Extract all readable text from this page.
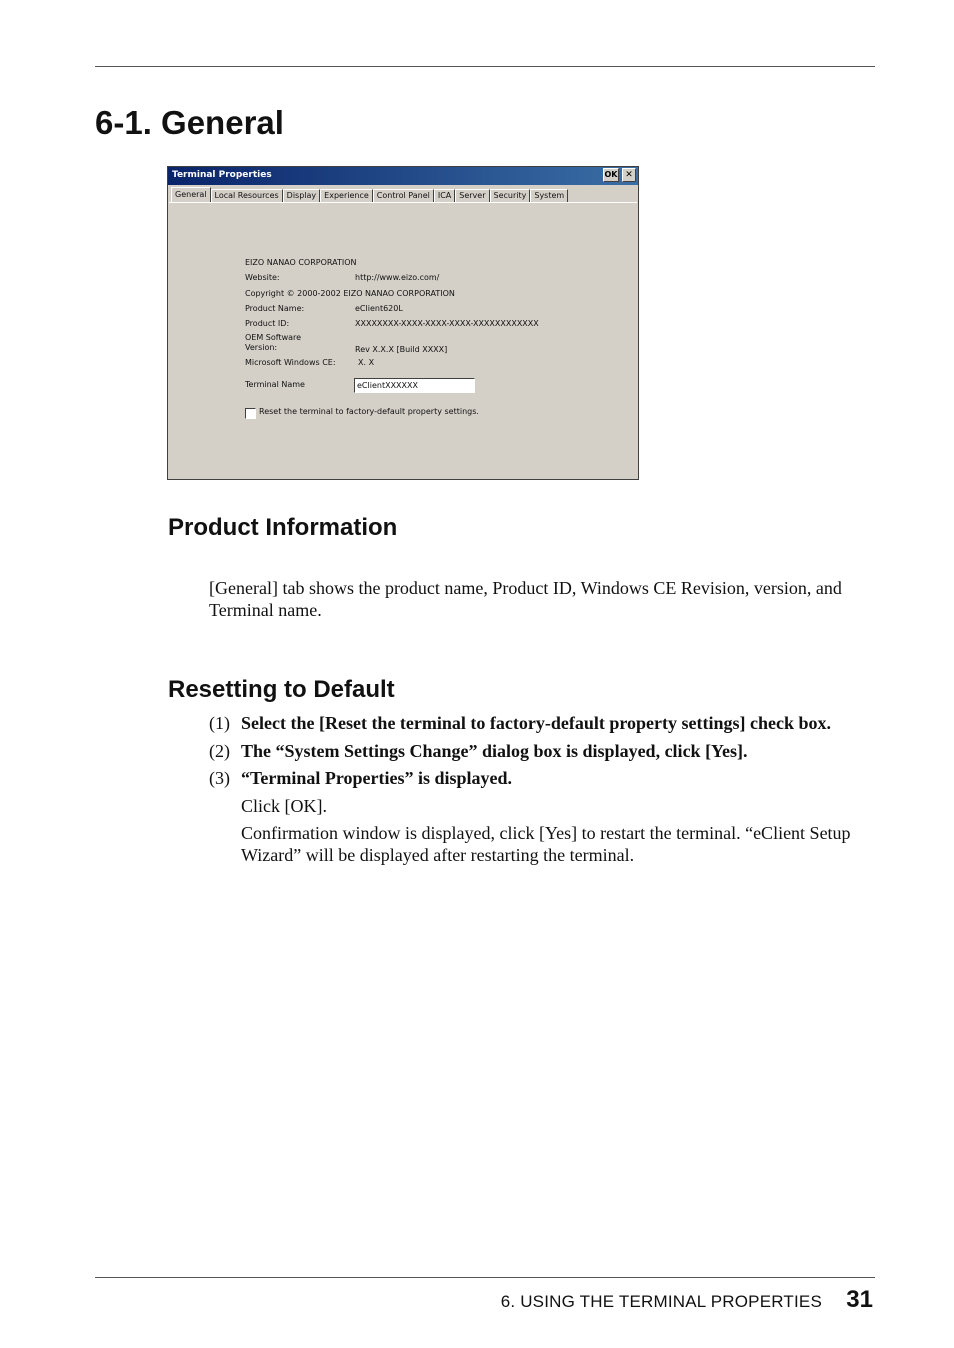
6-1. General
Terminal Properties	OK ✕
General	Local Resources	Display	Experience	Control Panel	ICA	Server	Security	System
EIZO NANAO CORPORATION
Website:	http://www.eizo.com/
Copyright © 2000-2002 EIZO NANAO CORPORATION
Product Name:	eClient620L
Product ID:	XXXXXXXX-XXXX-XXXX-XXXX-XXXXXXXXXXXX
OEM Software
Version:	Rev X.X.X [Build XXXX]
Microsoft Windows CE:	X. X
Terminal Name	eClientXXXXXX
Reset the terminal to factory-default property settings.
Product Information

[General] tab shows the product name, Product ID, Windows CE Revision, version, and Terminal name.

Resetting to Default
(1) Select the [Reset the terminal to factory-default property settings] check box.
(2) The “System Settings Change” dialog box is displayed, click [Yes].
(3) “Terminal Properties” is displayed.

Click [OK].

Confirmation window is displayed, click [Yes] to restart the terminal. “eClient Setup Wizard” will be displayed after restarting the terminal.

6. USING THE TERMINAL PROPERTIES 31
